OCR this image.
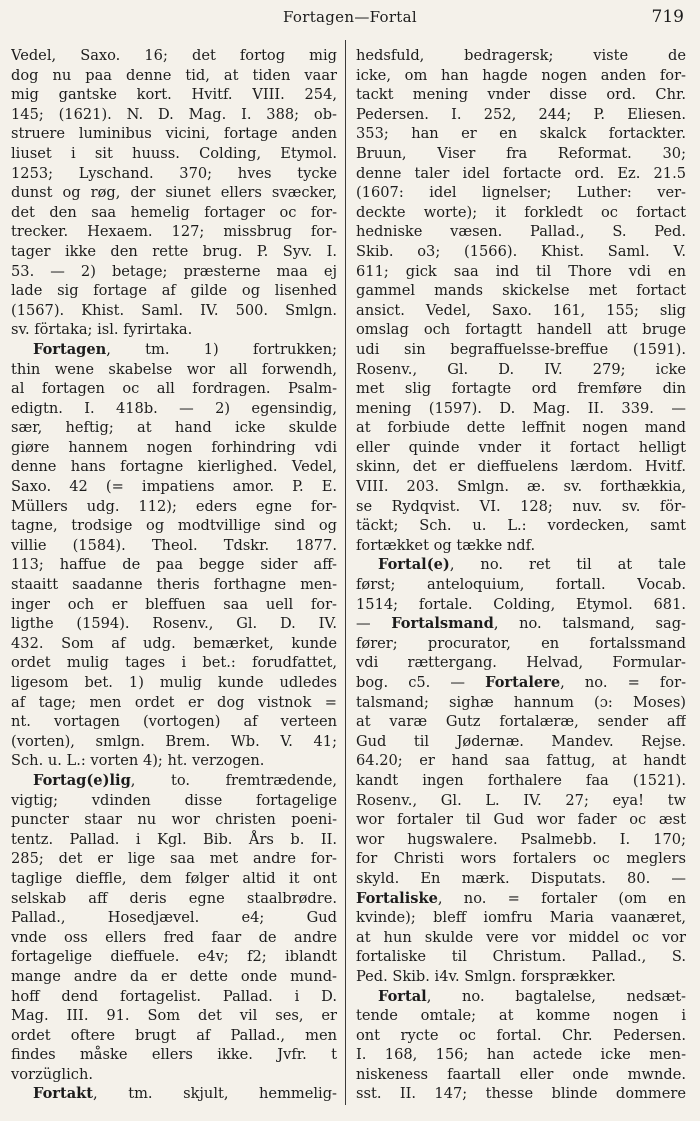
Fortagen—Fortal	719
Vedel, Saxo. 16; det fortog mig
dog nu paa denne tid, at tiden vaar
mig gantske kort. Hvitf. VIII. 254,
145; (1621). N. D. Mag. I. 388; ob-
struere luminibus vicini, fortage anden
liuset i sit huuss. Colding, Etymol.
1253; Lyschand. 370; hves tycke
dunst og røg, der siunet ellers svæcker,
det den saa hemelig fortager oc for-
trecker. Hexaem. 127; missbrug for-
tager ikke den rette brug. P. Syv. I.
53. — 2) betage; præsterne maa ej
lade sig fortage af gilde og lisenhed
(1567). Khist. Saml. IV. 500. Smlgn.
sv. förtaka; isl. fyrirtaka.
Fortagen, tm. 1) fortrukken;
thin wene skabelse wor all forwendh,
al fortagen oc all fordragen. Psalm-
edigtn. I. 418b. — 2) egensindig,
sær, heftig; at hand icke skulde
giøre hannem nogen forhindring vdi
denne hans fortagne kierlighed. Vedel,
Saxo. 42 (= impatiens amor. P. E.
Müllers udg. 112); eders egne for-
tagne, trodsige og modtvillige sind og
villie (1584). Theol. Tdskr. 1877.
113; haffue de paa begge sider aff-
staaitt saadanne theris forthagne men-
inger och er bleffuen saa uell for-
ligthe (1594). Rosenv., Gl. D. IV.
432. Som af udg. bemærket, kunde
ordet mulig tages i bet.: forudfattet,
ligesom bet. 1) mulig kunde udledes
af tage; men ordet er dog vistnok =
nt. vortagen (vortogen) af verteen
(vorten), smlgn. Brem. Wb. V. 41;
Sch. u. L.: vorten 4); ht. verzogen.
Fortag(e)lig, to. fremtrædende,
vigtig; vdinden disse fortagelige
puncter staar nu wor christen poeni-
tentz. Pallad. i Kgl. Bib. Års b. II.
285; det er lige saa met andre for-
taglige dieffle, dem følger altid it ont
selskab aff deris egne staalbrødre.
Pallad., Hosedjævel. e4; Gud
vnde oss ellers fred faar de andre
fortagelige dieffuele. e4v; f2; iblandt
mange andre da er dette onde mund-
hoff dend fortagelist. Pallad. i D.
Mag. III. 91. Som det vil ses, er
ordet oftere brugt af Pallad., men
findes måske ellers ikke. Jvfr. t
vorzüglich.
Fortakt, tm. skjult, hemmelig-
hedsfuld, bedragersk; viste de
icke, om han hagde nogen anden for-
tackt mening vnder disse ord. Chr.
Pedersen. I. 252, 244; P. Eliesen.
353; han er en skalck fortackter.
Bruun, Viser fra Reformat. 30;
denne taler idel fortacte ord. Ez. 21.5
(1607: idel lignelser; Luther: ver-
deckte worte); it forkledt oc fortact
hedniske væsen. Pallad., S. Ped.
Skib. o3; (1566). Khist. Saml. V.
611; gick saa ind til Thore vdi en
gammel mands skickelse met fortact
ansict. Vedel, Saxo. 161, 155; slig
omslag och fortagtt handell att bruge
udi sin begraffuelsse-breffue (1591).
Rosenv., Gl. D. IV. 279; icke
met slig fortagte ord fremføre din
mening (1597). D. Mag. II. 339. —
at forbiude dette leffnit nogen mand
eller quinde vnder it fortact helligt
skinn, det er dieffuelens lærdom. Hvitf.
VIII. 203. Smlgn. æ. sv. forthækkia,
se Rydqvist. VI. 128; nuv. sv. för-
täckt; Sch. u. L.: vordecken, samt
fortækket og tække ndf.
Fortal(e), no. ret til at tale
først; anteloquium, fortall. Vocab.
1514; fortale. Colding, Etymol. 681.
— Fortalsmand, no. talsmand, sag-
fører; procurator, en fortalssmand
vdi rættergang. Helvad, Formular-
bog. c5. — Fortalere, no. = for-
talsmand; sighæ hannum (ɔ: Moses)
at varæ Gutz fortalæræ, sender aff
Gud til Jødernæ. Mandev. Rejse.
64.20; er hand saa fattug, at handt
kandt ingen forthalere faa (1521).
Rosenv., Gl. L. IV. 27; eya! tw
wor fortaler til Gud wor fader oc æst
wor hugswalere. Psalmebb. I. 170;
for Christi wors fortalers oc meglers
skyld. En mærk. Disputats. 80. —
Fortaliske, no. = fortaler (om en
kvinde); bleff iomfru Maria vaanæret,
at hun skulde vere vor middel oc vor
fortaliske til Christum. Pallad., S.
Ped. Skib. i4v. Smlgn. forsprækker.
Fortal, no. bagtalelse, nedsæt-
tende omtale; at komme nogen i
ont rycte oc fortal. Chr. Pedersen.
I. 168, 156; han actede icke men-
niskeness faartall eller onde mwnde.
sst. II. 147; thesse blinde dommere
